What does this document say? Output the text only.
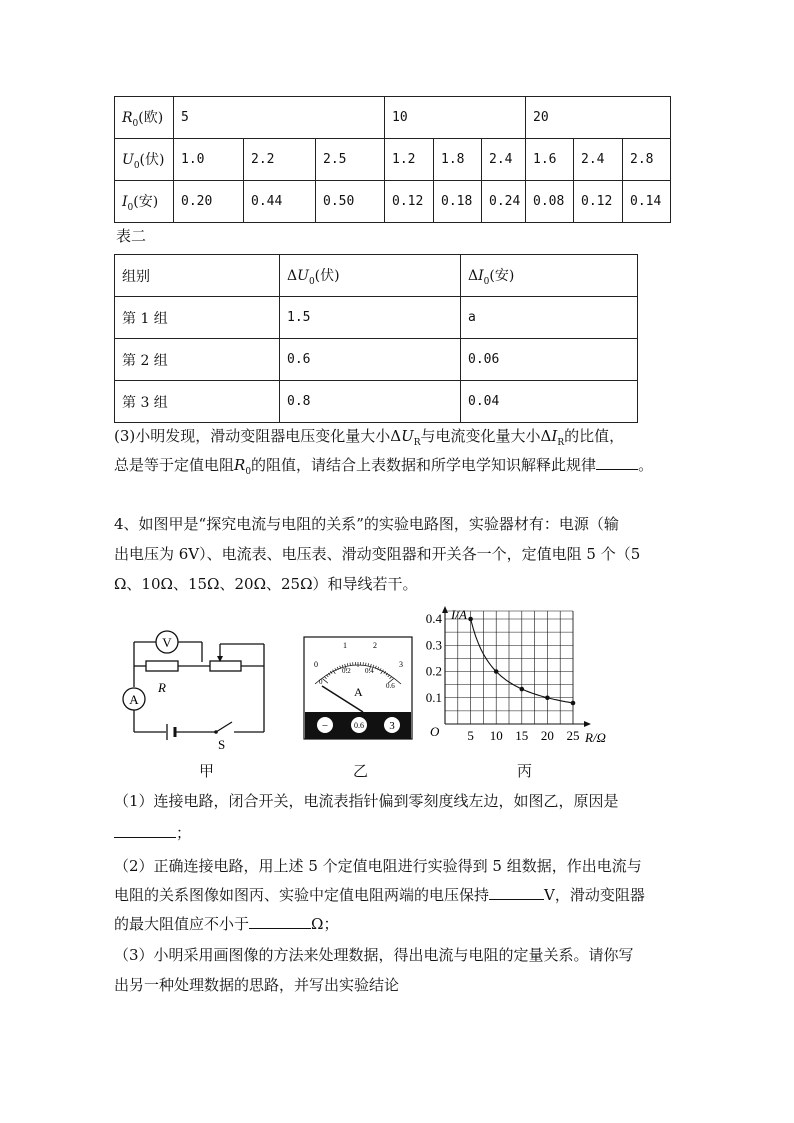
$R_0$(欧)	5			10			20		
$U_0$(伏)	1.0	2.2	2.5	1.2	1.8	2.4	1.6	2.4	2.8
$I_0$(安)	0.20	0.44	0.50	0.12	0.18	0.24	0.08	0.12	0.14
表二
组别	$\Delta U_0$(伏)	$\Delta I_0$(安)
第 1 组	1.5	a
第 2 组	0.6	0.06
第 3 组	0.8	0.04
(3)小明发现，滑动变阻器电压变化量大小$\Delta U_R$与电流变化量大小$\Delta I_R$的比值，
总是等于定值电阻$R_0$的阻值，请结合上表数据和所学电学知识解释此规律	。
4、如图甲是“探究电流与电阻的关系”的实验电路图，实验器材有：电源（输
出电压为 6V）、电流表、电压表、滑动变阻器和开关各一个，定值电阻 5 个（5
Ω、10Ω、15Ω、20Ω、25Ω）和导线若干。
V
A
R
S
0
1	2
3
0
0.2 0.4
0.6
A
−	0.6 3
I/A
R/Ω
O 5 10 15 20 25
0.1
0.2
0.3
0.4
甲	乙	丙
（1）连接电路，闭合开关，电流表指针偏到零刻度线左边，如图乙，原因是
；
（2）正确连接电路，用上述 5 个定值电阻进行实验得到 5 组数据，作出电流与
电阻的关系图像如图丙、实验中定值电阻两端的电压保持	V，滑动变阻器
的最大阻值应不小于	Ω；
（3）小明采用画图像的方法来处理数据，得出电流与电阻的定量关系。请你写
出另一种处理数据的思路，并写出实验结论
